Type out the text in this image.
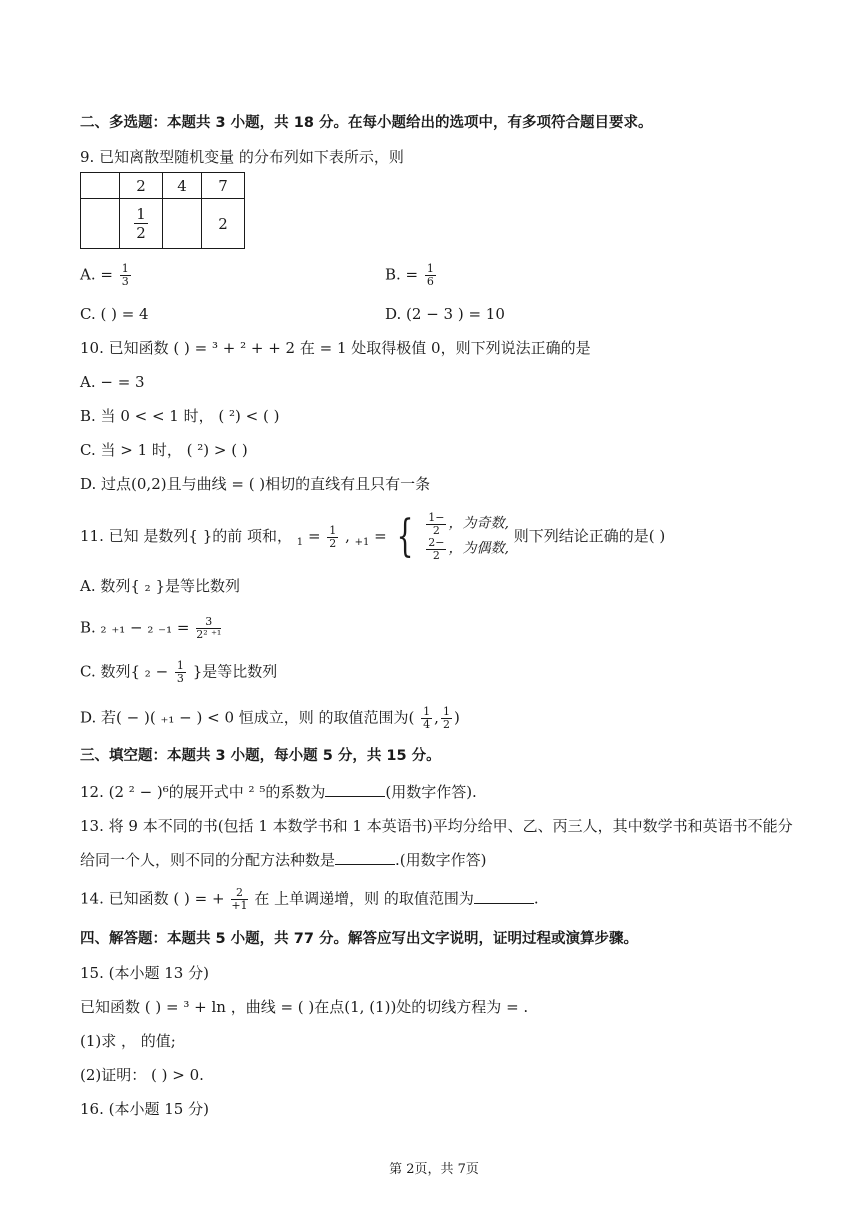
二、多选题：本题共 3 小题，共 18 分。在每小题给出的选项中，有多项符合题目要求。
9. 已知离散型随机变量 的分布列如下表所示，则
	2	4	7

	$\frac{1}{2}$		2
A. = $\frac{1}{3}$	B. = $\frac{1}{6}$
C. ( ) = 4	D. (2 − 3 ) = 10
10. 已知函数 ( ) = ³ + ² + + 2 在 = 1 处取得极值 0，则下列说法正确的是
A. − = 3
B. 当 0 < < 1 时， ( ²) < ( )
C. 当 > 1 时， ( ²) > ( )
D. 过点(0,2)且与曲线 = ( )相切的直线有且只有一条
11. 已知 是数列{ }的前 项和， $_1 = \frac{1}{2}$ , $_{+1}$ = { $\frac{1-}{2}$ ，为奇数,
$\frac{2-}{2}$ ，为偶数,
则下列结论正确的是( )
A. 数列{ ₂ }是等比数列
B. ₂ ₊₁ − ₂ $_{-1} = \frac{3}{\text{2² ⁺¹}}$
C. 数列{ $_2 - \frac{1}{3}$ }是等比数列
D. 若( − )( ₊₁ − ) < 0 恒成立，则 的取值范围为( $\frac{1}{4}$ , $\frac{1}{2}$ )
三、填空题：本题共 3 小题，每小题 5 分，共 15 分。
12. (2 ² − )⁶的展开式中 ² ⁵的系数为	(用数字作答).
13. 将 9 本不同的书(包括 1 本数学书和 1 本英语书)平均分给甲、乙、丙三人，其中数学书和英语书不能分
给同一个人，则不同的分配方法种数是	.(用数字作答)
14. 已知函数 ( ) = + $\frac{2}{+1}$ 在 上单调递增，则 的取值范围为	.
四、解答题：本题共 5 小题，共 77 分。解答应写出文字说明，证明过程或演算步骤。
15. (本小题 13 分)
已知函数 ( ) = ³ + ln ，曲线 = ( )在点(1, (1))处的切线方程为 = .
(1)求 ， 的值;
(2)证明： ( ) > 0.
16. (本小题 15 分)
第 2页，共 7页
